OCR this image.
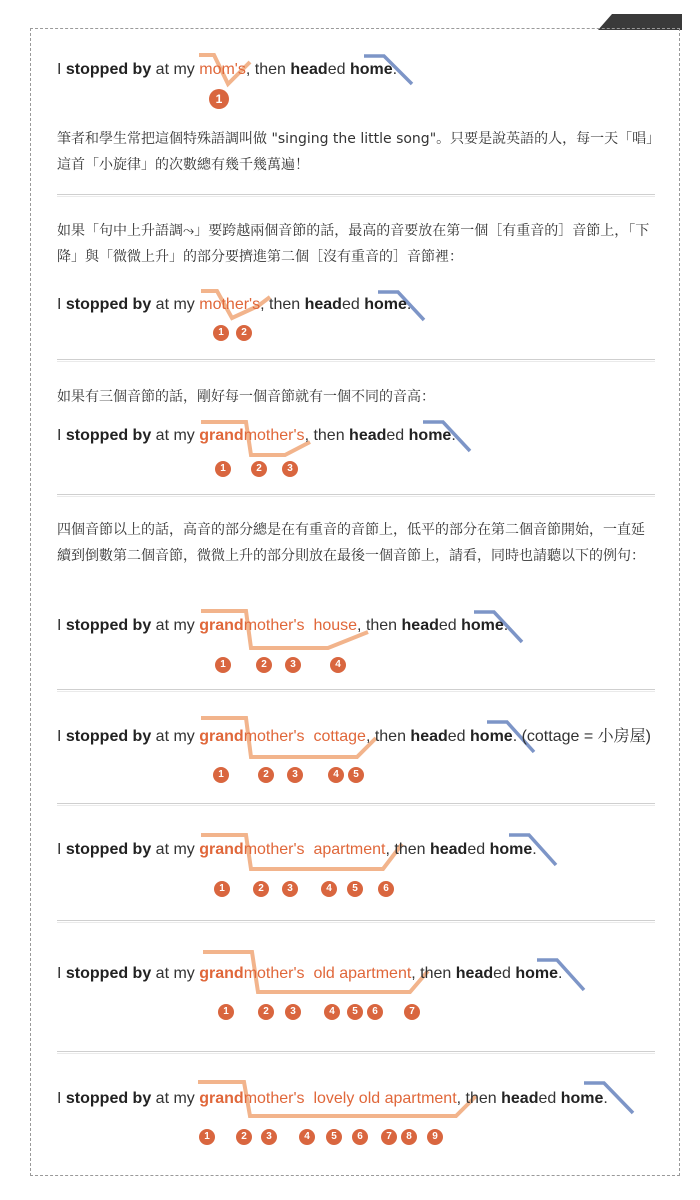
I stopped by at my mom's, then headed home.
I stopped by at my mother's, then headed home.
I stopped by at my grandmother's, then headed home.
I stopped by at my grandmother's  house, then headed home.
I stopped by at my grandmother's  cottage, then headed home. (cottage = 小房屋)
I stopped by at my grandmother's  apartment, then headed home.
I stopped by at my grandmother's  old apartment, then headed home.
I stopped by at my grandmother's  lovely old apartment, then headed home.
筆者和學生常把這個特殊語調叫做 "singing the little song"。只要是說英語的人，每一天「唱」這首「小旋律」的次數總有幾千幾萬遍！
如果「句中上升語調⤳」要跨越兩個音節的話，最高的音要放在第一個［有重音的］音節上，「下降」與「微微上升」的部分要擠進第二個［沒有重音的］音節裡：
如果有三個音節的話，剛好每一個音節就有一個不同的音高：
四個音節以上的話，高音的部分總是在有重音的音節上，低平的部分在第二個音節開始，一直延續到倒數第二個音節，微微上升的部分則放在最後一個音節上，請看，同時也請聽以下的例句：
1
1	2
1	2	3
1	2	3	4
1	2	3	4	5
1	2	3	4	5	6
1	2	3	4	5	6	7
1	2	3	4	5	6	7	8	9
